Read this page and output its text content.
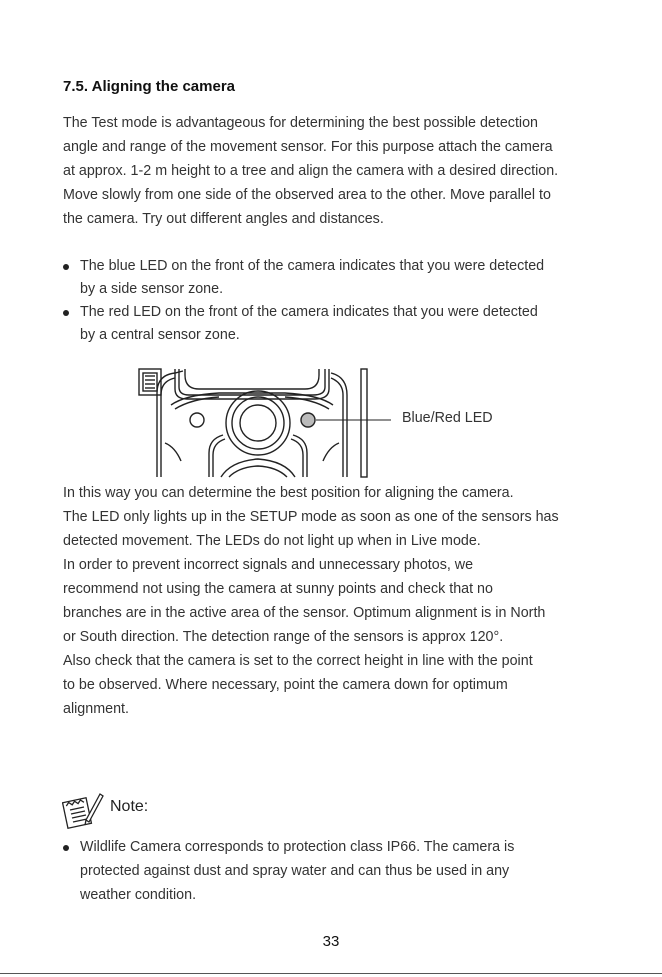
7.5. Aligning the camera
The Test mode is advantageous for determining the best possible detection
angle and range of the movement sensor. For this purpose attach the camera
at approx. 1-2 m height to a tree and align the camera with a desired direction.
Move slowly from one side of the observed area to the other. Move parallel to
the camera. Try out different angles and distances.
The blue LED on the front of the camera indicates that you were detected
by a side sensor zone.
The red LED on the front of the camera indicates that you were detected
by a central sensor zone.
Blue/Red LED
In this way you can determine the best position for aligning the camera.
The LED only lights up in the SETUP mode as soon as one of the sensors has
detected movement. The LEDs do not light up when in Live mode.
In order to prevent incorrect signals and unnecessary photos, we
recommend not using the camera at sunny points and check that no
branches are in the active area of the sensor. Optimum alignment is in North
or South direction. The detection range of the sensors is approx 120°.
Also check that the camera is set to the correct height in line with the point
to be observed. Where necessary, point the camera down for optimum
alignment.
Note:
Wildlife Camera corresponds to protection class IP66. The camera is
protected against dust and spray water and can thus be used in any
weather condition.
33
